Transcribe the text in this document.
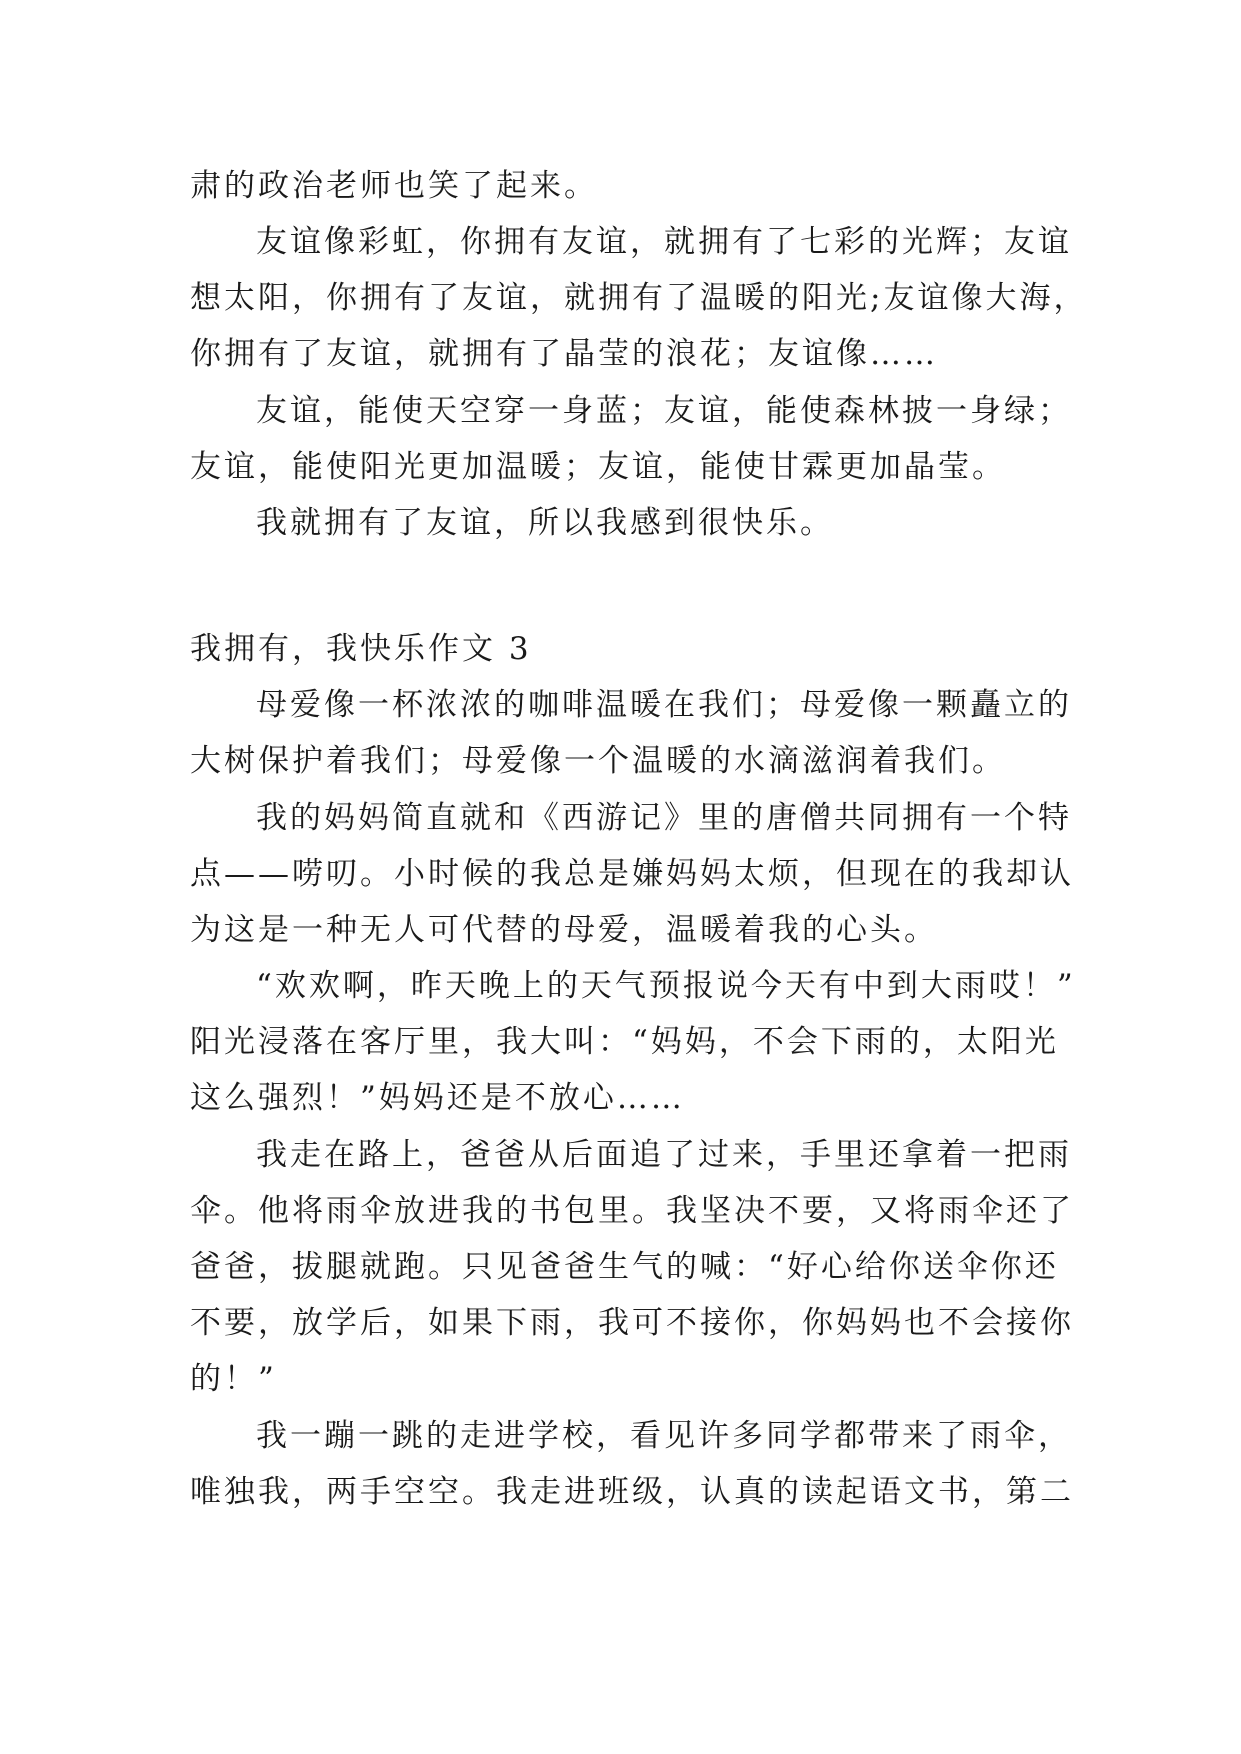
肃的政治老师也笑了起来。
友谊像彩虹，你拥有友谊，就拥有了七彩的光辉；友谊
想太阳，你拥有了友谊，就拥有了温暖的阳光;友谊像大海，
你拥有了友谊，就拥有了晶莹的浪花；友谊像……
友谊，能使天空穿一身蓝；友谊，能使森林披一身绿；
友谊，能使阳光更加温暖；友谊，能使甘霖更加晶莹。
我就拥有了友谊，所以我感到很快乐。
我拥有，我快乐作文 3
母爱像一杯浓浓的咖啡温暖在我们；母爱像一颗矗立的
大树保护着我们；母爱像一个温暖的水滴滋润着我们。
我的妈妈简直就和《西游记》里的唐僧共同拥有一个特
点——唠叨。小时候的我总是嫌妈妈太烦，但现在的我却认
为这是一种无人可代替的母爱，温暖着我的心头。
“欢欢啊，昨天晚上的天气预报说今天有中到大雨哎！”
阳光浸落在客厅里，我大叫：“妈妈，不会下雨的，太阳光
这么强烈！”妈妈还是不放心……
我走在路上，爸爸从后面追了过来，手里还拿着一把雨
伞。他将雨伞放进我的书包里。我坚决不要，又将雨伞还了
爸爸，拔腿就跑。只见爸爸生气的喊：“好心给你送伞你还
不要，放学后，如果下雨，我可不接你，你妈妈也不会接你
的！”
我一蹦一跳的走进学校，看见许多同学都带来了雨伞，
唯独我，两手空空。我走进班级，认真的读起语文书，第二
